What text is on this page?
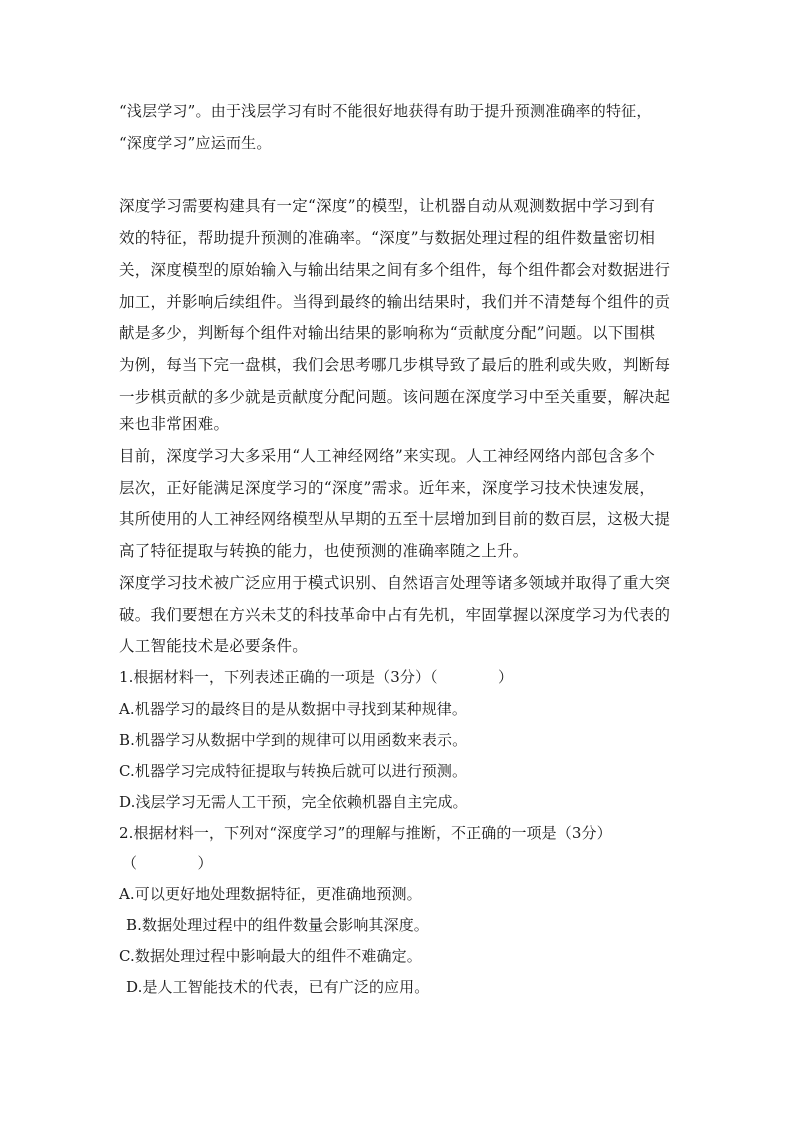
“浅层学习”。由于浅层学习有时不能很好地获得有助于提升预测准确率的特征，
“深度学习”应运而生。
深度学习需要构建具有一定“深度”的模型，让机器自动从观测数据中学习到有
效的特征，帮助提升预测的准确率。“深度”与数据处理过程的组件数量密切相
关，深度模型的原始输入与输出结果之间有多个组件，每个组件都会对数据进行
加工，并影响后续组件。当得到最终的输出结果时，我们并不清楚每个组件的贡
献是多少，判断每个组件对输出结果的影响称为“贡献度分配”问题。以下围棋
为例，每当下完一盘棋，我们会思考哪几步棋导致了最后的胜利或失败，判断每
一步棋贡献的多少就是贡献度分配问题。该问题在深度学习中至关重要，解决起
来也非常困难。
目前，深度学习大多采用“人工神经网络”来实现。人工神经网络内部包含多个
层次，正好能满足深度学习的“深度”需求。近年来，深度学习技术快速发展，
其所使用的人工神经网络模型从早期的五至十层增加到目前的数百层，这极大提
高了特征提取与转换的能力，也使预测的准确率随之上升。
深度学习技术被广泛应用于模式识别、自然语言处理等诸多领域并取得了重大突
破。我们要想在方兴未艾的科技革命中占有先机，牢固掌握以深度学习为代表的
人工智能技术是必要条件。
1.根据材料一，下列表述正确的一项是（3分）（　　　　）
A.机器学习的最终目的是从数据中寻找到某种规律。
B.机器学习从数据中学到的规律可以用函数来表示。
C.机器学习完成特征提取与转换后就可以进行预测。
D.浅层学习无需人工干预，完全依赖机器自主完成。
2.根据材料一，下列对“深度学习”的理解与推断，不正确的一项是（3分）
（　　　　）
A.可以更好地处理数据特征，更准确地预测。
B.数据处理过程中的组件数量会影响其深度。
C.数据处理过程中影响最大的组件不难确定。
D.是人工智能技术的代表，已有广泛的应用。
